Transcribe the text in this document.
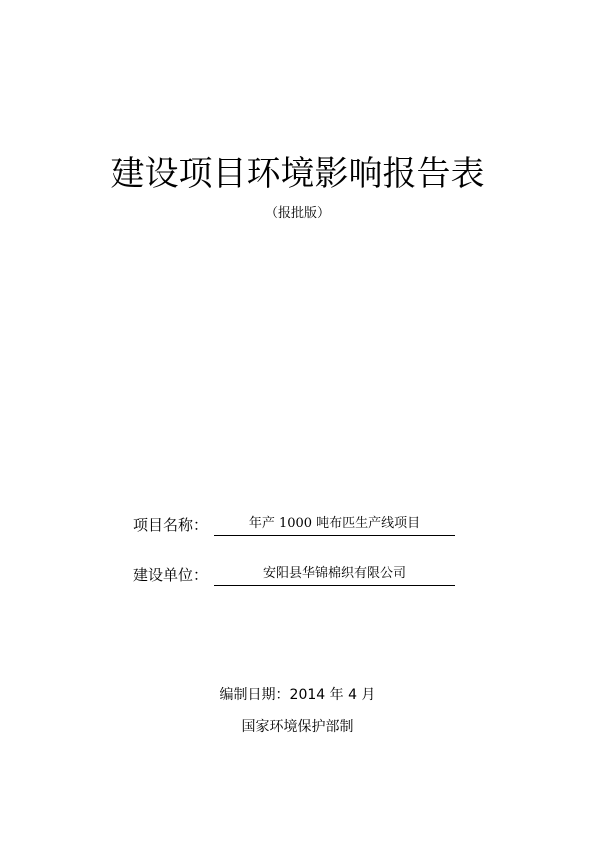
建设项目环境影响报告表
（报批版）
项目名称：	年产 1000 吨布匹生产线项目
建设单位：	安阳县华锦棉织有限公司
编制日期：2014 年 4 月
国家环境保护部制
